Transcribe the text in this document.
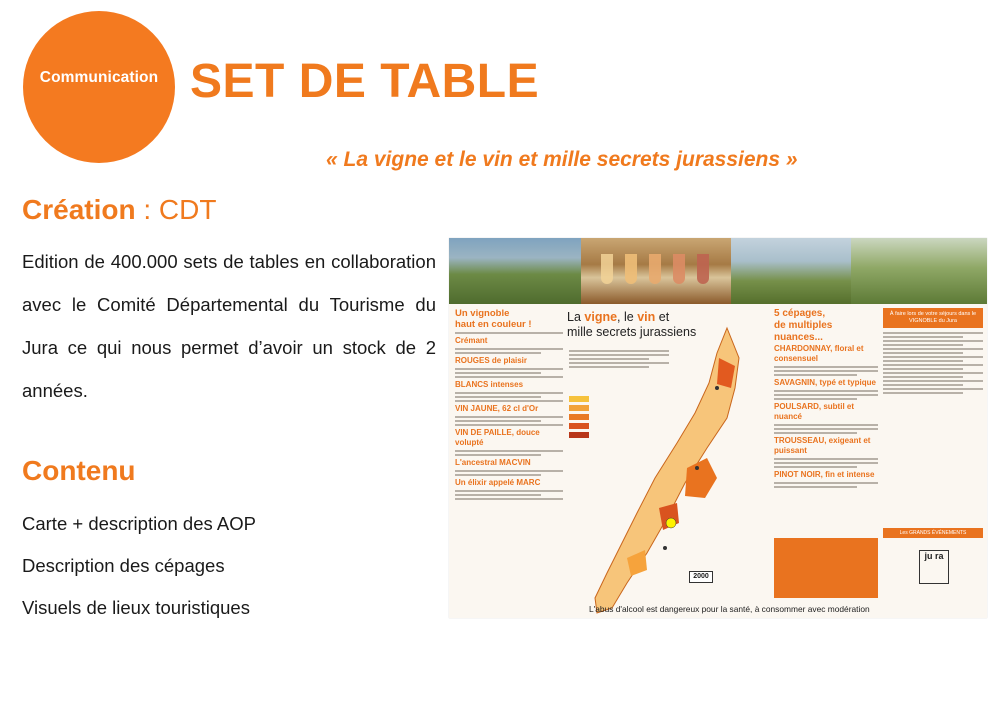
Communication SET DE TABLE

« La vigne et le vin et mille secrets jurassiens »

Création : CDT

Edition de 400.000 sets de tables en collaboration avec le Comité Départemental du Tourisme du Jura ce qui nous permet d’avoir un stock de 2 années.

Contenu
Carte + description des AOP
Description des cépages
Visuels de lieux touristiques

Un vignoble

haut en couleur !

Crémant

ROUGES de plaisir

BLANCS intenses

VIN JAUNE, 62 cl d'Or

VIN DE PAILLE, douce volupté

L'ancestral MACVIN

Un élixir appelé MARC

La vigne, le vin et
mille secrets jurassiens

2000

5 cépages,

de multiples nuances...

CHARDONNAY, floral et consensuel

SAVAGNIN, typé et typique

POULSARD, subtil et nuancé

TROUSSEAU, exigeant et puissant

PINOT NOIR, fin et intense

À faire lors de votre séjours dans le VIGNOBLE du Jura
Les GRANDS ÉVÉNEMENTS
ju ra

L'abus d'alcool est dangereux pour la santé, à consommer avec modération
